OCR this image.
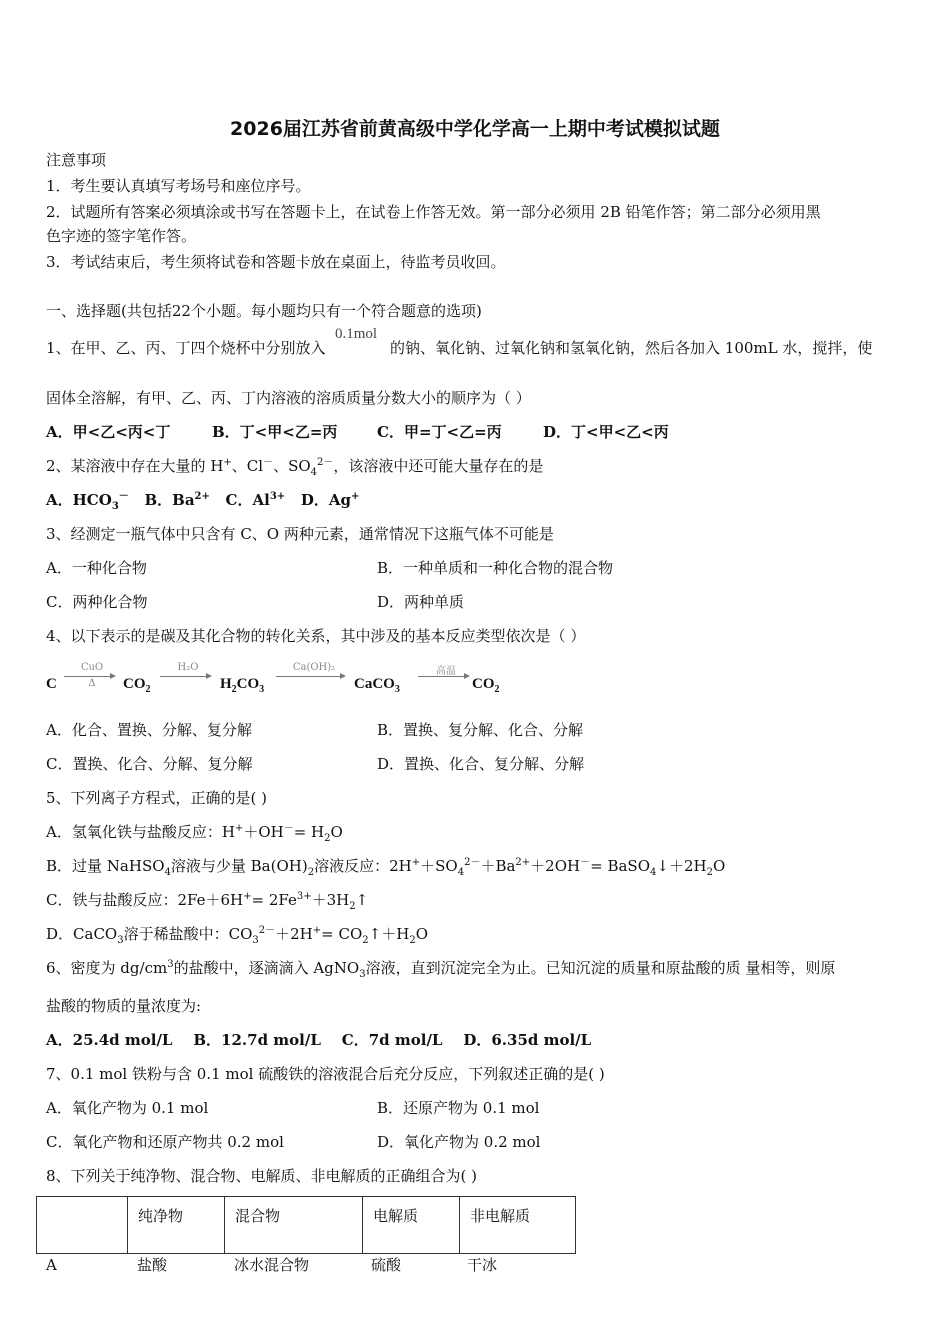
2026届江苏省前黄高级中学化学高一上期中考试模拟试题
注意事项
1．考生要认真填写考场号和座位序号。
2．试题所有答案必须填涂或书写在答题卡上，在试卷上作答无效。第一部分必须用 2B 铅笔作答；第二部分必须用黑
色字迹的签字笔作答。
3．考试结束后，考生须将试卷和答题卡放在桌面上，待监考员收回。
一、选择题(共包括22个小题。每小题均只有一个符合题意的选项)
1、在甲、乙、丙、丁四个烧杯中分别放入
0.1mol
的钠、氧化钠、过氧化钠和氢氧化钠，然后各加入 100mL 水，搅拌，使
固体全溶解，有甲、乙、丙、丁内溶液的溶质质量分数大小的顺序为（ ）
A．甲<乙<丙<丁	B．丁<甲<乙=丙	C．甲=丁<乙=丙	D．丁<甲<乙<丙
2、某溶液中存在大量的 H+、Cl－、$SO_4^{2-}$，该溶液中还可能大量存在的是
A．$HCO_3^-$   B．$Ba^{2+}$   C．$Al^{3+}$   D．Ag+
3、经测定一瓶气体中只含有 C、O 两种元素，通常情况下这瓶气体不可能是
A．一种化合物	B．一种单质和一种化合物的混合物
C．两种化合物	D．两种单质
4、以下表示的是碳及其化合物的转化关系，其中涉及的基本反应类型依次是（ ）
C
CuO
Δ	$CO_2$
H₂O
$H_2CO_3$
Ca(OH)₂
CaCO$_3$
高温
$CO_2$
A．化合、置换、分解、复分解	B．置换、复分解、化合、分解
C．置换、化合、分解、复分解	D．置换、化合、复分解、分解
5、下列离子方程式，正确的是( )
A．氢氧化铁与盐酸反应：$H^++OH^-= H_2O$
B．过量 NaHSO$_4$溶液与少量 $Ba(OH)_2$溶液反应：$2H^++SO_4^{2-}+Ba^{2+}+2OH^-=$ $BaSO_4↓+2H_2O$
C．铁与盐酸反应：$2Fe+6H^+= 2Fe^{3+}+3H_2↑$
D．CaCO$_3$溶于稀盐酸中：$CO_3^{2-}+2H^+=$ $CO_2↑+H_2O$
6、密度为 $dg/cm^3$的盐酸中，逐滴滴入 AgNO$_3$溶液，直到沉淀完全为止。已知沉淀的质量和原盐酸的质 量相等，则原
盐酸的物质的量浓度为:
A．25.4d mol/L    B．12.7d mol/L    C．7d mol/L    D．6.35d mol/L
7、0.1 mol 铁粉与含 0.1 mol 硫酸铁的溶液混合后充分反应，下列叙述正确的是( )
A．氧化产物为 0.1 mol	B．还原产物为 0.1 mol
C．氧化产物和还原产物共 0.2 mol	D．氧化产物为 0.2 mol
8、下列关于纯净物、混合物、电解质、非电解质的正确组合为( )
	纯净物	混合物	电解质	非电解质
A	盐酸	冰水混合物	硫酸	干冰
